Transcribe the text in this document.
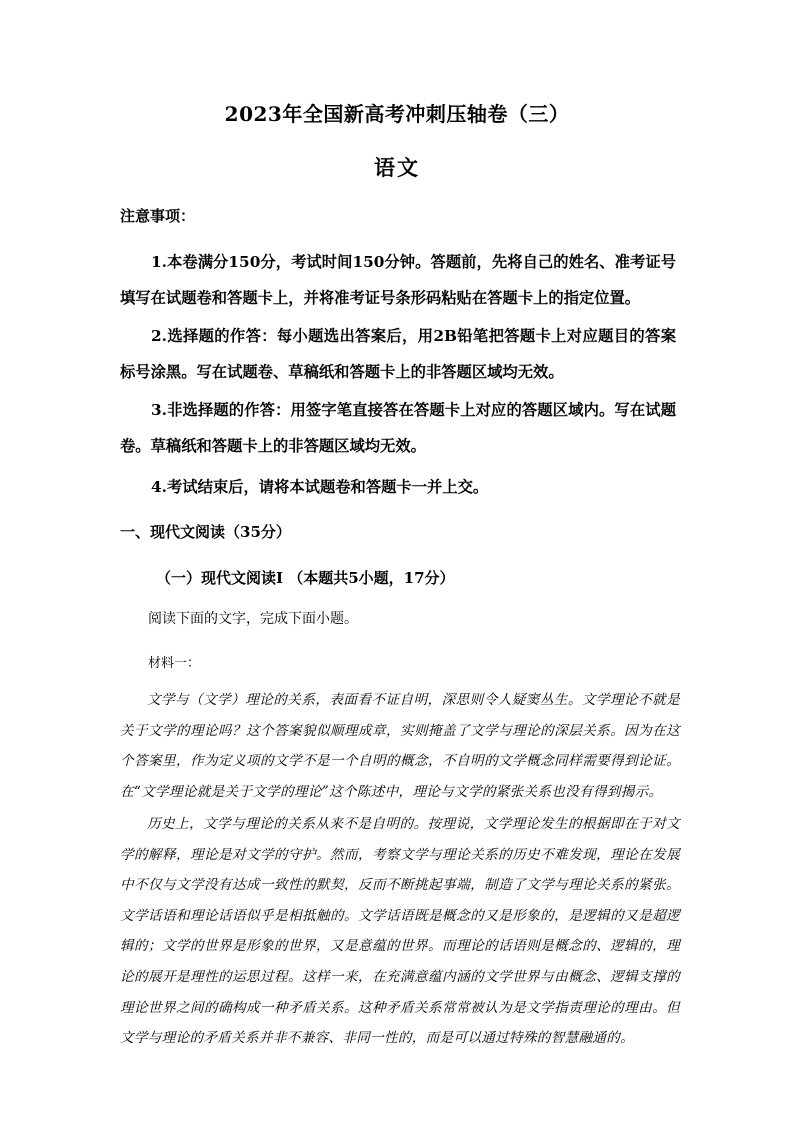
2023年全国新高考冲刺压轴卷（三）
语文
注意事项：
1.本卷满分150分，考试时间150分钟。答题前，先将自己的姓名、准考证号填写在试题卷和答题卡上，并将准考证号条形码粘贴在答题卡上的指定位置。
2.选择题的作答：每小题选出答案后，用2B铅笔把答题卡上对应题目的答案标号涂黑。写在试题卷、草稿纸和答题卡上的非答题区域均无效。
3.非选择题的作答：用签字笔直接答在答题卡上对应的答题区域内。写在试题卷。草稿纸和答题卡上的非答题区域均无效。
4.考试结束后，请将本试题卷和答题卡一并上交。
一、现代文阅读（35分）
（一）现代文阅读Ⅰ （本题共5小题，17分）
阅读下面的文字，完成下面小题。
材料一：
文学与（文学）理论的关系，表面看不证自明，深思则令人疑窦丛生。文学理论不就是关于文学的理论吗？这个答案貌似顺理成章，实则掩盖了文学与理论的深层关系。因为在这个答案里，作为定义项的文学不是一个自明的概念，不自明的文学概念同样需要得到论证。在“文学理论就是关于文学的理论”这个陈述中，理论与文学的紧张关系也没有得到揭示。
历史上，文学与理论的关系从来不是自明的。按理说，文学理论发生的根据即在于对文学的解释，理论是对文学的守护。然而，考察文学与理论关系的历史不难发现，理论在发展中不仅与文学没有达成一致性的默契，反而不断挑起事端，制造了文学与理论关系的紧张。文学话语和理论话语似乎是相抵触的。文学话语既是概念的又是形象的，是逻辑的又是超逻辑的；文学的世界是形象的世界，又是意蕴的世界。而理论的话语则是概念的、逻辑的，理论的展开是理性的运思过程。这样一来，在充满意蕴内涵的文学世界与由概念、逻辑支撑的理论世界之间的确构成一种矛盾关系。这种矛盾关系常常被认为是文学指责理论的理由。但文学与理论的矛盾关系并非不兼容、非同一性的，而是可以通过特殊的智慧融通的。
